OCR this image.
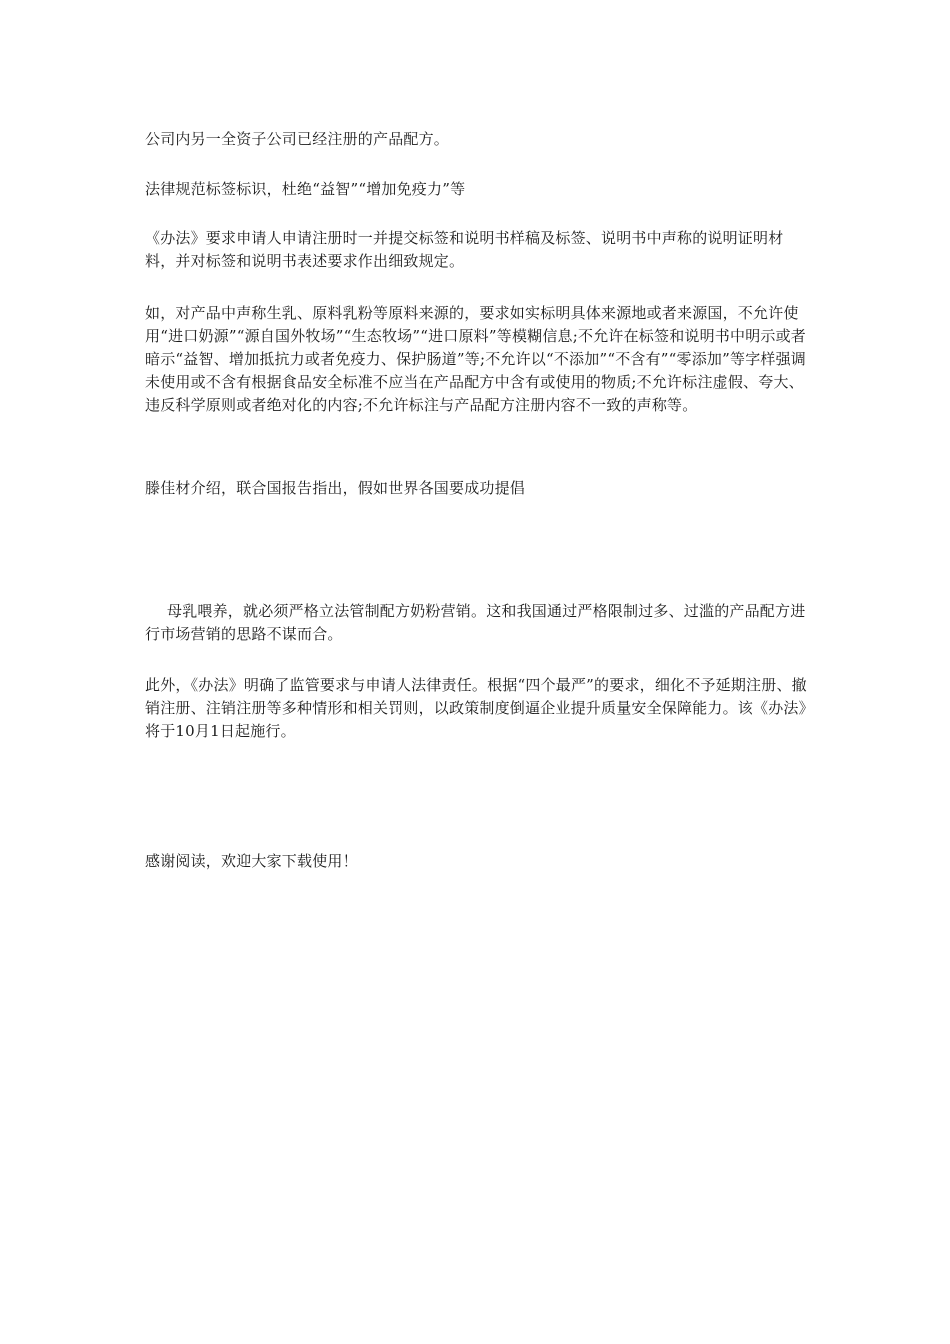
公司内另一全资子公司已经注册的产品配方。

法律规范标签标识，杜绝“益智”“增加免疫力”等

《办法》要求申请人申请注册时一并提交标签和说明书样稿及标签、说明书中声称的说明证明材料，并对标签和说明书表述要求作出细致规定。

如，对产品中声称生乳、原料乳粉等原料来源的，要求如实标明具体来源地或者来源国，不允许使用“进口奶源”“源自国外牧场”“生态牧场”“进口原料”等模糊信息;不允许在标签和说明书中明示或者暗示“益智、增加抵抗力或者免疫力、保护肠道”等;不允许以“不添加”“不含有”“零添加”等字样强调未使用或不含有根据食品安全标准不应当在产品配方中含有或使用的物质;不允许标注虚假、夸大、违反科学原则或者绝对化的内容;不允许标注与产品配方注册内容不一致的声称等。

滕佳材介绍，联合国报告指出，假如世界各国要成功提倡

母乳喂养，就必须严格立法管制配方奶粉营销。这和我国通过严格限制过多、过滥的产品配方进行市场营销的思路不谋而合。

此外，《办法》明确了监管要求与申请人法律责任。根据“四个最严”的要求，细化不予延期注册、撤销注册、注销注册等多种情形和相关罚则，以政策制度倒逼企业提升质量安全保障能力。该《办法》将于10月1日起施行。

感谢阅读，欢迎大家下载使用！
